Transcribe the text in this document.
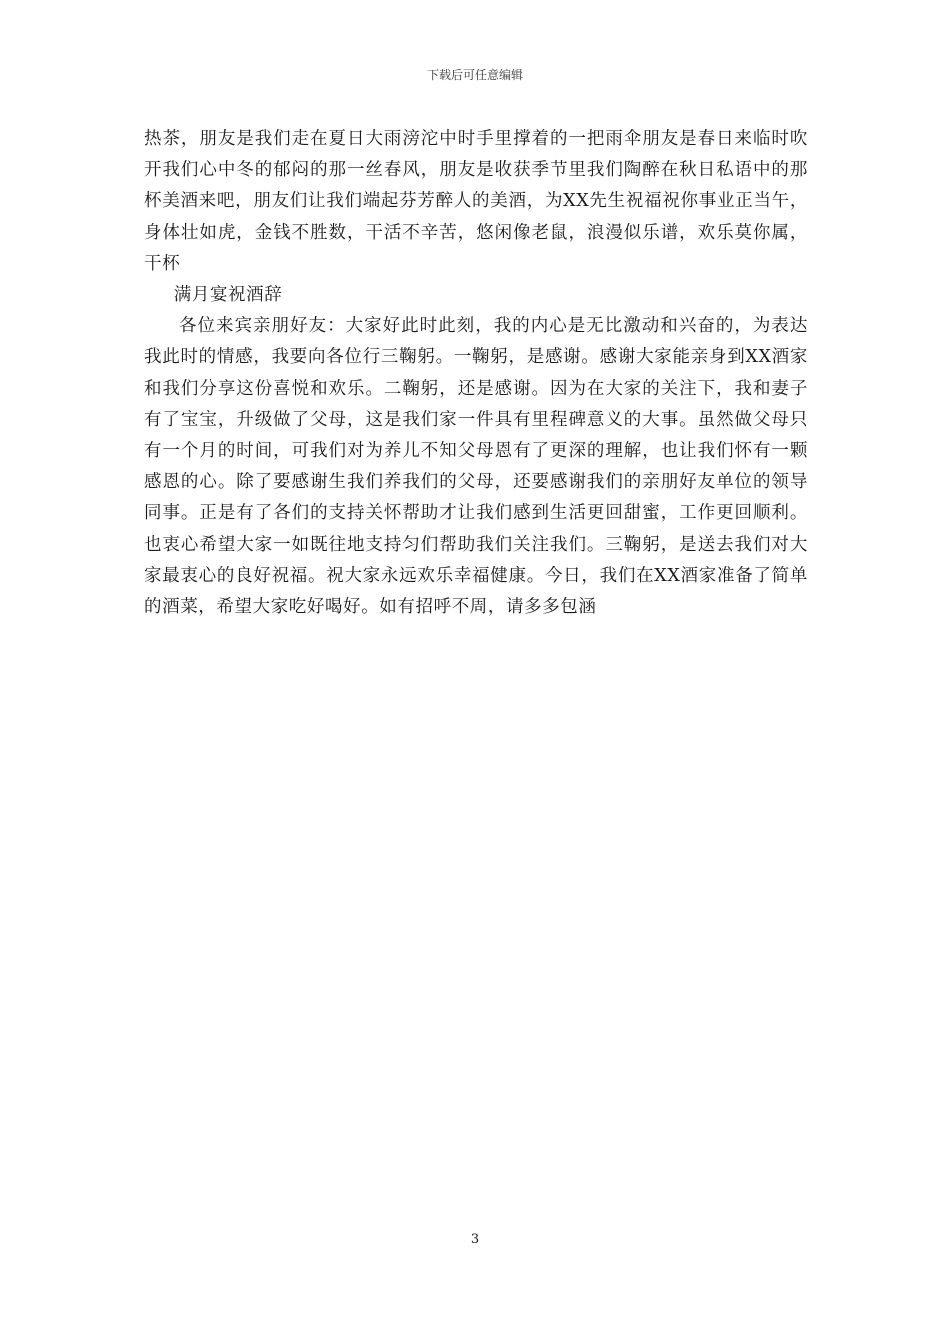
下载后可任意编辑

热茶，朋友是我们走在夏日大雨滂沱中时手里撑着的一把雨伞朋友是春日来临时吹开我们心中冬的郁闷的那一丝春风，朋友是收获季节里我们陶醉在秋日私语中的那杯美酒来吧，朋友们让我们端起芬芳醉人的美酒，为XX先生祝福祝你事业正当午，身体壮如虎，金钱不胜数，干活不辛苦，悠闲像老鼠，浪漫似乐谱，欢乐莫你属，干杯

满月宴祝酒辞

各位来宾亲朋好友：大家好此时此刻，我的内心是无比激动和兴奋的，为表达我此时的情感，我要向各位行三鞠躬。一鞠躬，是感谢。感谢大家能亲身到XX酒家和我们分享这份喜悦和欢乐。二鞠躬，还是感谢。因为在大家的关注下，我和妻子有了宝宝，升级做了父母，这是我们家一件具有里程碑意义的大事。虽然做父母只有一个月的时间，可我们对为养儿不知父母恩有了更深的理解，也让我们怀有一颗感恩的心。除了要感谢生我们养我们的父母，还要感谢我们的亲朋好友单位的领导同事。正是有了各们的支持关怀帮助才让我们感到生活更回甜蜜，工作更回顺利。也衷心希望大家一如既往地支持匀们帮助我们关注我们。三鞠躬，是送去我们对大家最衷心的良好祝福。祝大家永远欢乐幸福健康。今日，我们在XX酒家准备了简单的酒菜，希望大家吃好喝好。如有招呼不周，请多多包涵

3
